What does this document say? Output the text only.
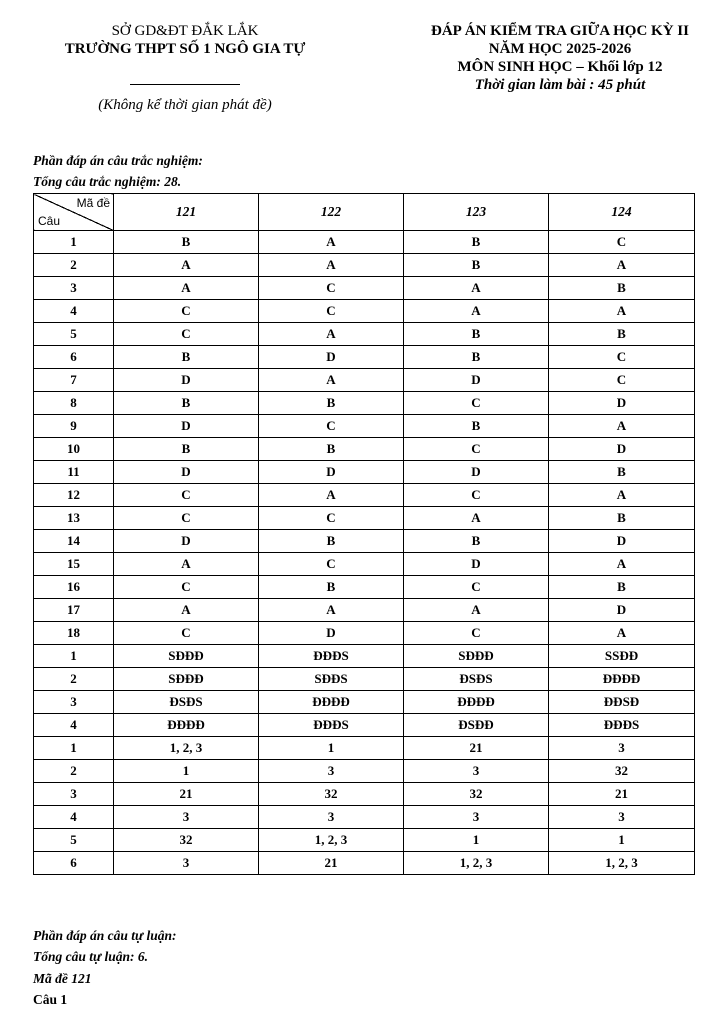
SỞ GD&ĐT ĐẮK LẮK
TRƯỜNG THPT SỐ 1 NGÔ GIA TỰ
(Không kể thời gian phát đề)
ĐÁP ÁN KIỂM TRA GIỮA HỌC KỲ II
NĂM HỌC 2025-2026
MÔN SINH HỌC – Khối lớp 12
Thời gian làm bài : 45 phút
Phần đáp án câu trắc nghiệm:
Tổng câu trắc nghiệm: 28.
Mã đề
Câu	121	122	123	124
1	B	A	B	C
2	A	A	B	A
3	A	C	A	B
4	C	C	A	A
5	C	A	B	B
6	B	D	B	C
7	D	A	D	C
8	B	B	C	D
9	D	C	B	A
10	B	B	C	D
11	D	D	D	B
12	C	A	C	A
13	C	C	A	B
14	D	B	B	D
15	A	C	D	A
16	C	B	C	B
17	A	A	A	D
18	C	D	C	A
1	SĐĐĐ	ĐĐĐS	SĐĐĐ	SSĐĐ
2	SĐĐĐ	SĐĐS	ĐSĐS	ĐĐĐĐ
3	ĐSĐS	ĐĐĐĐ	ĐĐĐĐ	ĐĐSĐ
4	ĐĐĐĐ	ĐĐĐS	ĐSĐĐ	ĐĐĐS
1	1, 2, 3	1	21	3
2	1	3	3	32
3	21	32	32	21
4	3	3	3	3
5	32	1, 2, 3	1	1
6	3	21	1, 2, 3	1, 2, 3
Phần đáp án câu tự luận:
Tổng câu tự luận: 6.
Mã đề 121
Câu 1
